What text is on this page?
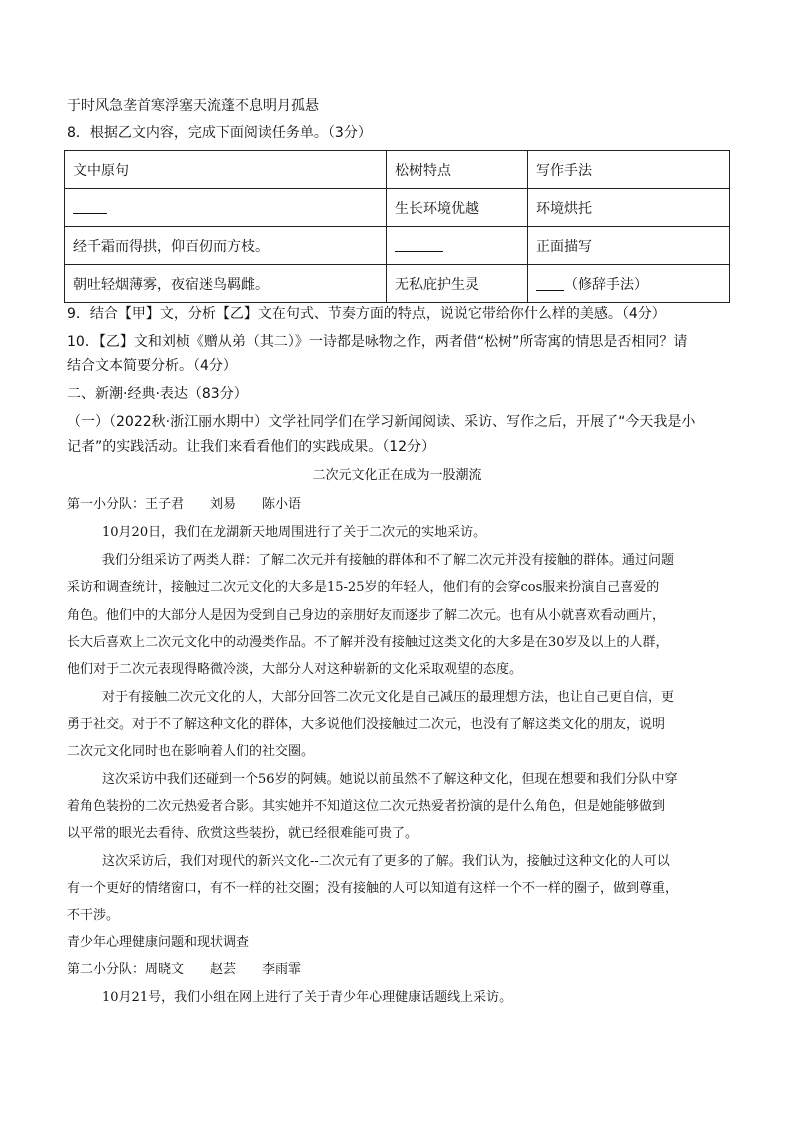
于时风急垄首寒浮塞天流蓬不息明月孤悬
8．根据乙文内容，完成下面阅读任务单。（3分）
文中原句	松树特点	写作手法
	生长环境优越	环境烘托
经千霜而得拱，仰百仞而方枝。		正面描写
朝吐轻烟薄雾，夜宿迷鸟羁雌。	无私庇护生灵	（修辞手法）
9．结合【甲】文，分析【乙】文在句式、节奏方面的特点，说说它带给你什么样的美感。（4分）
10．【乙】文和刘桢《赠从弟（其二）》一诗都是咏物之作，两者借“松树”所寄寓的情思是否相同？请
结合文本简要分析。（4分）
二、新潮·经典·表达（83分）
（一）（2022秋·浙江丽水期中）文学社同学们在学习新闻阅读、采访、写作之后，开展了“今天我是小
记者”的实践活动。让我们来看看他们的实践成果。（12分）
二次元文化正在成为一股潮流
第一小分队：王子君　　刘易　　陈小语
10月20日，我们在龙湖新天地周围进行了关于二次元的实地采访。
我们分组采访了两类人群：了解二次元并有接触的群体和不了解二次元并没有接触的群体。通过问题
采访和调查统计，接触过二次元文化的大多是15-25岁的年轻人，他们有的会穿cos服来扮演自己喜爱的
角色。他们中的大部分人是因为受到自己身边的亲朋好友而逐步了解二次元。也有从小就喜欢看动画片，
长大后喜欢上二次元文化中的动漫类作品。不了解并没有接触过这类文化的大多是在30岁及以上的人群，
他们对于二次元表现得略微冷淡，大部分人对这种崭新的文化采取观望的态度。
对于有接触二次元文化的人，大部分回答二次元文化是自己减压的最理想方法，也让自己更自信，更
勇于社交。对于不了解这种文化的群体，大多说他们没接触过二次元，也没有了解这类文化的朋友，说明
二次元文化同时也在影响着人们的社交圈。
这次采访中我们还碰到一个56岁的阿姨。她说以前虽然不了解这种文化，但现在想要和我们分队中穿
着角色装扮的二次元热爱者合影。其实她并不知道这位二次元热爱者扮演的是什么角色，但是她能够做到
以平常的眼光去看待、欣赏这些装扮，就已经很难能可贵了。
这次采访后，我们对现代的新兴文化--二次元有了更多的了解。我们认为，接触过这种文化的人可以
有一个更好的情绪窗口，有不一样的社交圈；没有接触的人可以知道有这样一个不一样的圈子，做到尊重，
不干涉。
青少年心理健康问题和现状调查
第二小分队：周晓文　　赵芸　　李雨霏
10月21号，我们小组在网上进行了关于青少年心理健康话题线上采访。
